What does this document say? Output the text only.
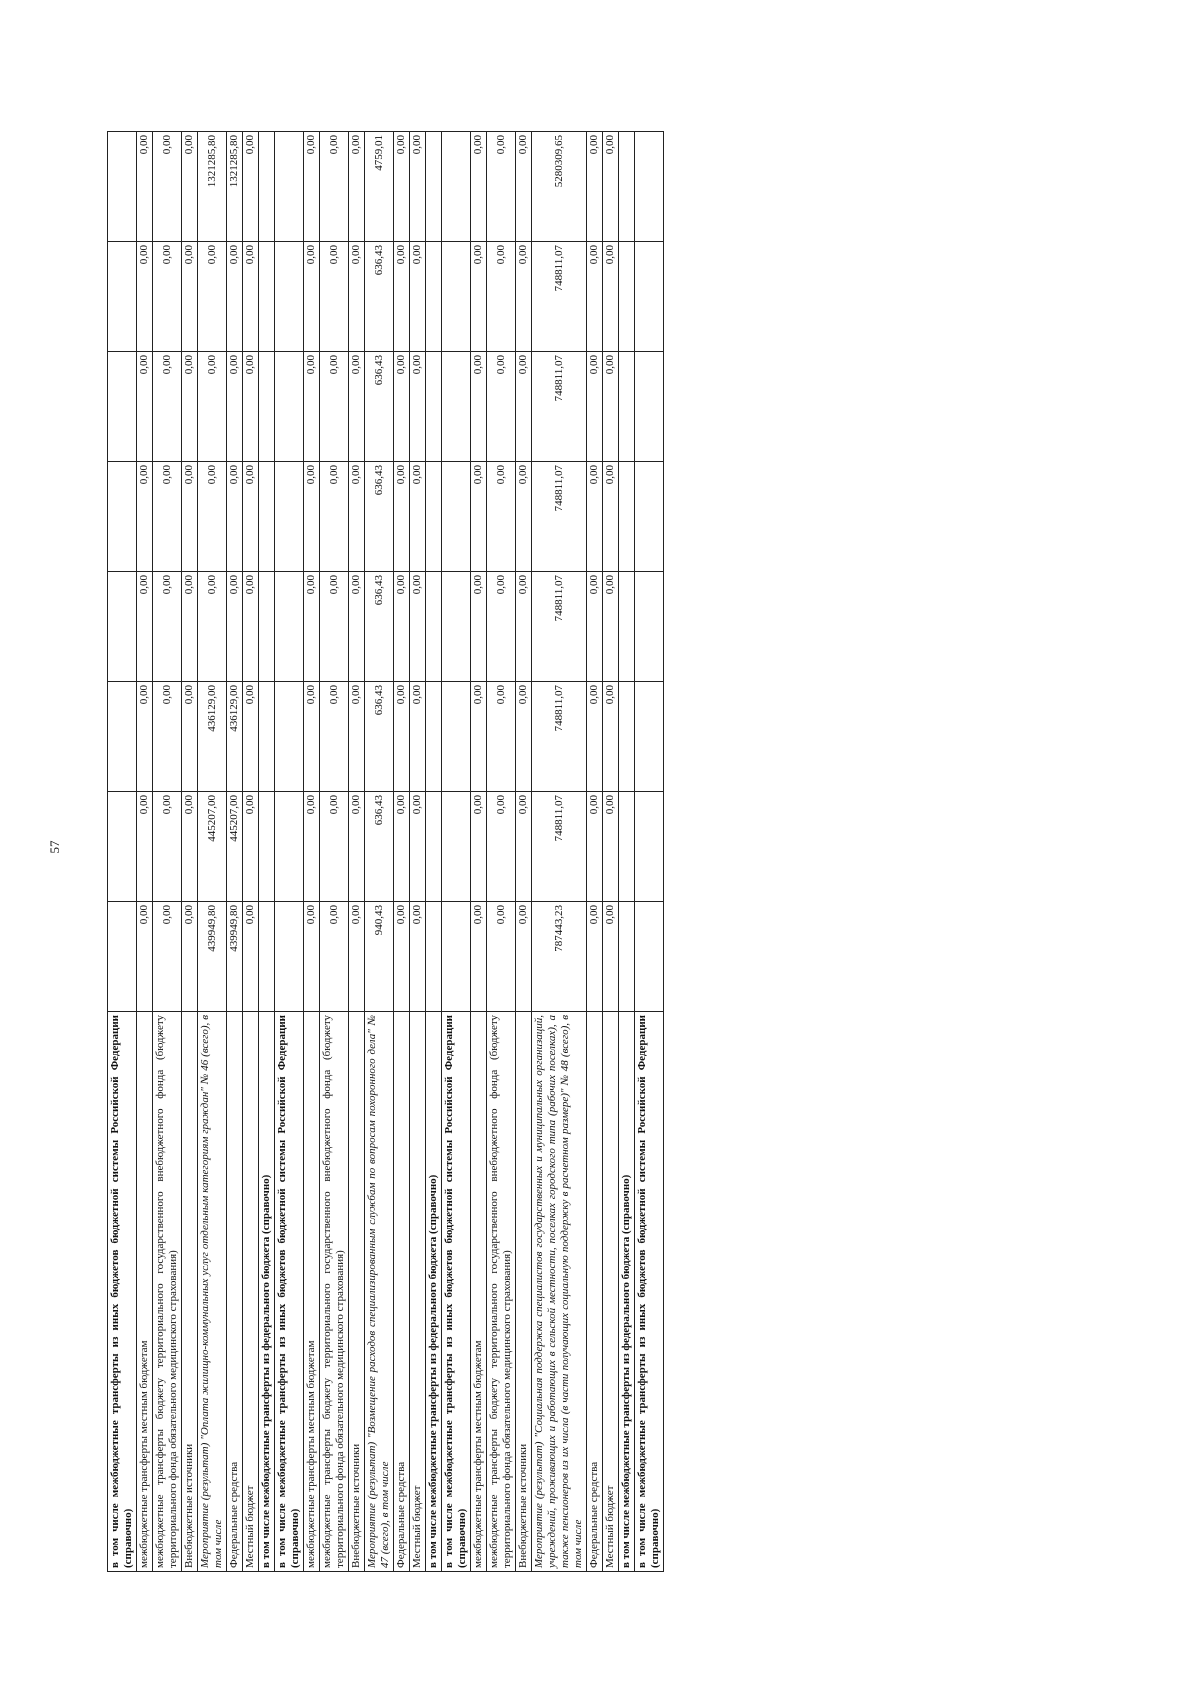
57
в том числе межбюджетные трансферты из иных бюджетов бюджетной системы Российской Федерации (справочно)								
межбюджетные трансферты местным бюджетам	0,00	0,00	0,00	0,00	0,00	0,00	0,00	0,00
межбюджетные трансферты бюджету территориального государственного внебюджетного фонда (бюджету территориального фонда обязательного медицинского страхования)	0,00	0,00	0,00	0,00	0,00	0,00	0,00	0,00
Внебюджетные источники	0,00	0,00	0,00	0,00	0,00	0,00	0,00	0,00
Мероприятие (результат) "Оплата жилищно-коммунальных услуг отдельным категориям граждан" № 46 (всего), в том числе	439949,80	445207,00	436129,00	0,00	0,00	0,00	0,00	1321285,80
Федеральные средства	439949,80	445207,00	436129,00	0,00	0,00	0,00	0,00	1321285,80
Местный бюджет	0,00	0,00	0,00	0,00	0,00	0,00	0,00	0,00
в том числе межбюджетные трансферты из федерального бюджета (справочно)								
в том числе межбюджетные трансферты из иных бюджетов бюджетной системы Российской Федерации (справочно)								
межбюджетные трансферты местным бюджетам	0,00	0,00	0,00	0,00	0,00	0,00	0,00	0,00
межбюджетные трансферты бюджету территориального государственного внебюджетного фонда (бюджету территориального фонда обязательного медицинского страхования)	0,00	0,00	0,00	0,00	0,00	0,00	0,00	0,00
Внебюджетные источники	0,00	0,00	0,00	0,00	0,00	0,00	0,00	0,00
Мероприятие (результат) "Возмещение расходов специализированным службам по вопросам похоронного дела" № 47 (всего), в том числе	940,43	636,43	636,43	636,43	636,43	636,43	636,43	4759,01
Федеральные средства	0,00	0,00	0,00	0,00	0,00	0,00	0,00	0,00
Местный бюджет	0,00	0,00	0,00	0,00	0,00	0,00	0,00	0,00
в том числе межбюджетные трансферты из федерального бюджета (справочно)								
в том числе межбюджетные трансферты из иных бюджетов бюджетной системы Российской Федерации (справочно)								
межбюджетные трансферты местным бюджетам	0,00	0,00	0,00	0,00	0,00	0,00	0,00	0,00
межбюджетные трансферты бюджету территориального государственного внебюджетного фонда (бюджету территориального фонда обязательного медицинского страхования)	0,00	0,00	0,00	0,00	0,00	0,00	0,00	0,00
Внебюджетные источники	0,00	0,00	0,00	0,00	0,00	0,00	0,00	0,00
Мероприятие (результат) "Социальная поддержка специалистов государственных и муниципальных организаций, учреждений, проживающих и работающих в сельской местности, поселках городского типа (рабочих поселках), а также пенсионеров из их числа (в части получающих социальную поддержку в расчетном размере)" № 48 (всего), в том числе	787443,23	748811,07	748811,07	748811,07	748811,07	748811,07	748811,07	5280309,65
Федеральные средства	0,00	0,00	0,00	0,00	0,00	0,00	0,00	0,00
Местный бюджет	0,00	0,00	0,00	0,00	0,00	0,00	0,00	0,00
в том числе межбюджетные трансферты из федерального бюджета (справочно)								
в том числе межбюджетные трансферты из иных бюджетов бюджетной системы Российской Федерации (справочно)								
